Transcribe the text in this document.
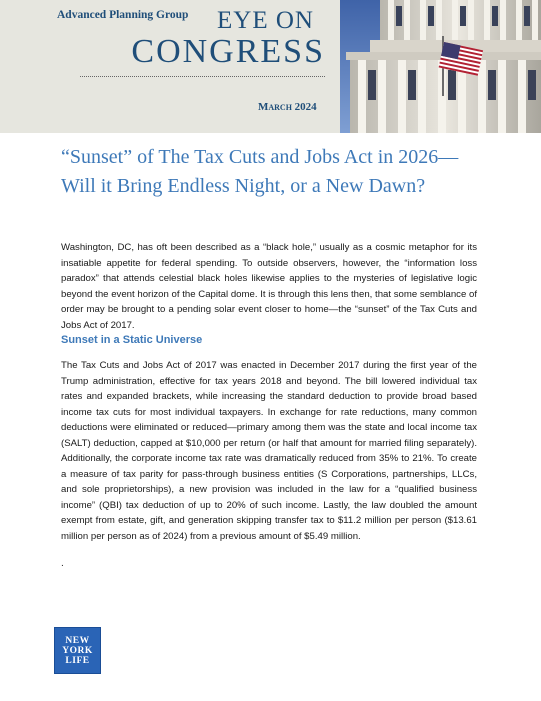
Advanced Planning Group EYE ON
CONGRESS
March 2024
“Sunset” of The Tax Cuts and Jobs Act in 2026—Will it Bring Endless Night, or a New Dawn?

Washington, DC, has oft been described as a “black hole,” usually as a cosmic metaphor for its insatiable appetite for federal spending. To outside observers, however, the “information loss paradox” that attends celestial black holes likewise applies to the mysteries of legislative logic beyond the event horizon of the Capital dome. It is through this lens then, that some semblance of order may be brought to a pending solar event closer to home—the “sunset” of the Tax Cuts and Jobs Act of 2017.

Sunset in a Static Universe

The Tax Cuts and Jobs Act of 2017 was enacted in December 2017 during the first year of the Trump administration, effective for tax years 2018 and beyond. The bill lowered individual tax rates and expanded brackets, while increasing the standard deduction to provide broad based income tax cuts for most individual taxpayers. In exchange for rate reductions, many common deductions were eliminated or reduced—primary among them was the state and local income tax (SALT) deduction, capped at $10,000 per return (or half that amount for married filing separately). Additionally, the corporate income tax rate was dramatically reduced from 35% to 21%. To create a measure of tax parity for pass-through business entities (S Corporations, partnerships, LLCs, and sole proprietorships), a new provision was included in the law for a “qualified business income” (QBI) tax deduction of up to 20% of such income. Lastly, the law doubled the amount exempt from estate, gift, and generation skipping transfer tax to $11.2 million per person ($13.61 million per person as of 2024) from a previous amount of $5.49 million.

.
NEW
YORK
LIFE
